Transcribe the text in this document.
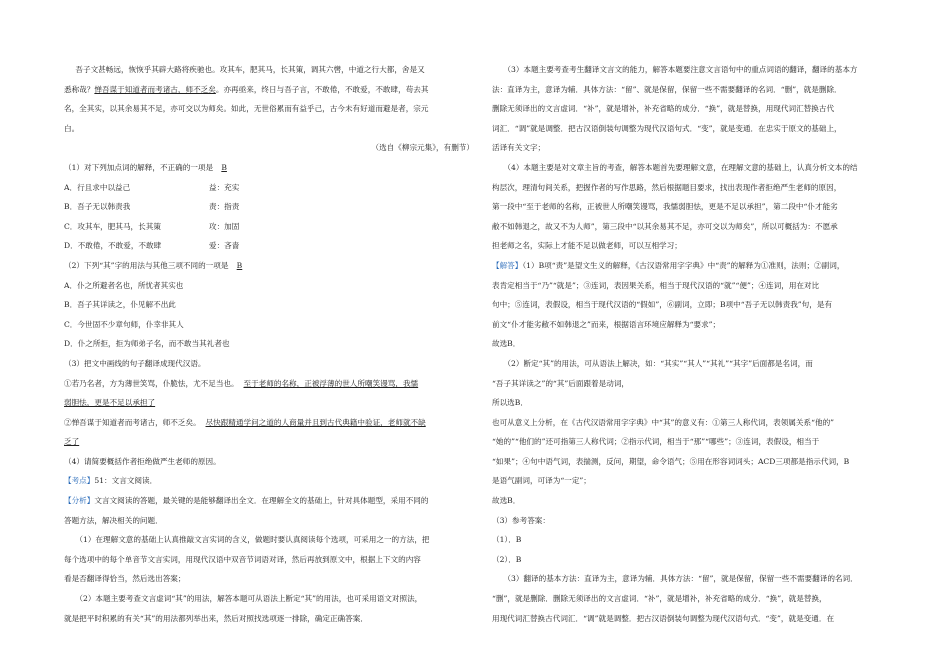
吾子文甚畅远，恢恢乎其辟大路将疾驰也。攻其车，肥其马，长其策，调其六辔，中道之行大都，舍是又

悉称哉？惮吾谋于知道者而考诸古，师不乏矣。亦再亟来，终日与吾子言，不敢倦，不敢爱，不敢肆，苟去其

名，全其实，以其余易其不足，亦可交以为师矣。如此，无世俗累而有益乎己，古今未有好道而避是者，宗元

白。

（选自《柳宗元集》，有删节）

（1）对下列加点词的解释，不正确的一项是 B

A．行且求中以益己	益：充实

B．吾子无以韩责我	责：指责

C．攻其车，肥其马，长其策	攻：加固

D．不敢倦，不敢爱，不敢肆	爱：吝啬

（2）下列“其”字的用法与其他三项不同的一项是 B

A．仆之所避者名也，所忧者其实也

B．吾子其详读之，仆见解不出此

C．今世固不少章句师，仆幸非其人

D．仆之所拒，拒为师弟子名，而不敢当其礼者也

（3）把文中画线的句子翻译成现代汉语。

①若乃名者，方为薄世笑骂，仆脆怯，尤不足当也。 至于老师的名称，正被浮薄的世人所嘲笑谩骂，我懦

弱胆怯，更是不足以承担了

②惮吾谋于知道者而考诸古，师不乏矣。 尽快跟精通学问之道的人商量并且到古代典籍中验证，老师就不缺

乏了

（4）请简要概括作者拒绝做严生老师的原因。

【考点】51：文言文阅读．

【分析】文言文阅读的答题，最关键的是能够翻译出全文．在理解全文的基础上，针对具体题型，采用不同的

答题方法，解决相关的问题．

（1）在理解文意的基础上认真推敲文言实词的含义，做题时要认真阅读每个选项，可采用之一的方法，把

每个选项中的每个单音节文言实词，用现代汉语中双音节词语对译，然后再放到原文中，根据上下文的内容

看是否翻译得恰当，然后选出答案；

（2）本题主要考查文言虚词“其”的用法，解答本题可从语法上断定“其”的用法，也可采用语文对照法，

就是把平时积累的有关“其”的用法都列举出来，然后对照找选项逐一排除，确定正确答案．

（3）本题主要考查考生翻译文言文的能力，解答本题要注意文言语句中的重点词语的翻译，翻译的基本方

法：直译为主，意译为辅．具体方法：“留”、就是保留，保留一些不需要翻译的名词．“删”，就是删除．

删除无须译出的文言虚词．“补”，就是增补，补充省略的成分．“换”，就是替换，用现代词汇替换古代

词汇．“调”就是调整．把古汉语倒装句调整为现代汉语句式．“变”，就是变通．在忠实于原文的基础上，

活译有关文字；

（4）本题主要是对文章主旨的考查，解答本题首先要理解文意，在理解文意的基础上，认真分析文本的结

构层次，理清句间关系，把握作者的写作思路，然后根据题目要求，找出表现作者拒绝严生老师的原因，

第一段中“至于老师的名称，正被世人所嘲笑谩骂，我懦弱胆怯，更是不足以承担”，第二段中“仆才能劣

敝不如韩退之，故又不为人师”，第三段中“以其余易其不足，亦可交以为师矣”，所以可概括为：不愿承

担老师之名，实际上才能不足以做老师，可以互相学习；

【解答】（1）B项“责”是望文生义的解释，《古汉语常用字字典》中“责”的解释为①准则，法则；②副词，

表肯定相当于“乃”“就是”；③连词，表因果关系，相当于现代汉语的“就”“便”；④连词，用在对比

句中；⑤连词，表假设，相当于现代汉语的“假如”，⑥副词，立即；B项中“吾子无以韩责我”句，是有

前文“仆才能劣敝不如韩退之”而来，根据语言环境应解释为“要求”；

故选B．

（2）断定“其”的用法，可从语法上解决，如：“其实”“其人”“其礼”“其字”后面都是名词，而

“吾子其详读之”的“其”后面跟着是动词，

所以选B．

也可从意义上分析，在《古代汉语常用字字典》中“其”的意义有：①第三人称代词，表领属关系“他的”

“她的”“他们的”还可指第三人称代词；②指示代词，相当于“那”“哪些”；③连词，表假设，相当于

“如果”；④句中语气词，表揣测，反问，期望，命令语气；⑤用在形容词词头；ACD三项都是指示代词，B

是语气副词，可译为“一定”；

故选B．

（3）参考答案：

（1）．B

（2）．B

（3）翻译的基本方法：直译为主，意译为辅．具体方法：“留”，就是保留，保留一些不需要翻译的名词．

“删”，就是删除．删除无须译出的文言虚词．“补”，就是增补，补充省略的成分．“换”，就是替换，

用现代词汇替换古代词汇．“调”就是调整．把古汉语倒装句调整为现代汉语句式．“变”，就是变通．在
